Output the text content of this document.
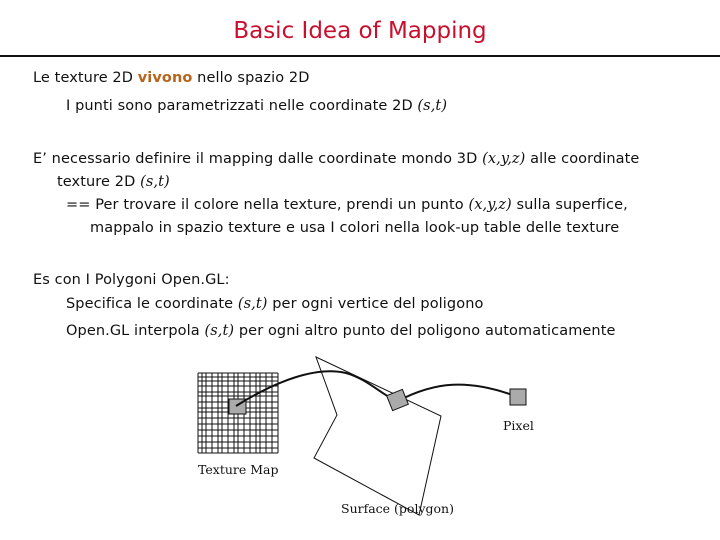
Basic Idea of Mapping
Le texture 2D vivono nello spazio 2D
I punti sono parametrizzati nelle coordinate 2D (s,t)
E’ necessario definire il mapping dalle coordinate mondo 3D (x,y,z) alle coordinate
texture 2D (s,t)
== Per trovare il colore nella texture, prendi un punto (x,y,z) sulla superfice,
mappalo in spazio texture e usa I colori nella look-up table delle texture
Es con I Polygoni Open.GL:
Specifica le coordinate (s,t) per ogni vertice del poligono
Open.GL interpola (s,t) per ogni altro punto del poligono automaticamente
Texture Map
Surface (polygon)
Pixel
